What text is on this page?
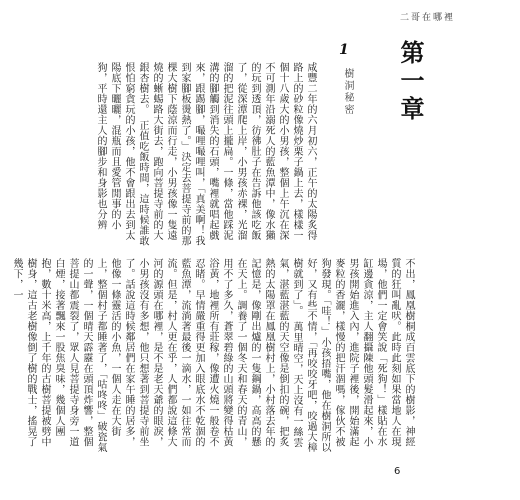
二哥在哪裡
第一章
1
樹洞秘密
咸豐二年的六月初六，正午的太陽炙得路上的砂粒像燒炒栗子鍋上去，樣樣一個十八歲大的小男孩，整個上午沉在深不可測年沿溺死人的藍魚潭中，像水獺的玩到透頂，彷彿肚子在告訴他該吃飯了，從深潭爬上岸，小男孩赤裸，光溜溜的把泥往頭上攏扁。一條，當他踩泥溝的腳觸到消失的石頭，嘴裡就唱起戲來，跟踢腳，嘬哩嘬哩叫，「真美啊！我到家腳板燙熱了。」決定去菩提寺前的那棵大樹下蔭涼而行走，小男孩像一隻遠燒的蜥蜴路大街去，跑向菩提寺前的大銀杏樹去。　正值吃飯時間，這時候誰敢恨怕窮貪玩的小孩，他不會跟出去到太陽底下曬曬，混瓶而且愛管閒事的小狗，平時還主人的腳步和身影也分辨
不出，鳳凰樹桐成百雲底下的樹影，神經質的狂叫亂吠。此時此刻如果當地人在現場，他們一定會笑說「死狗！」樣貼在水缸邊貪涼，主人翻攝陳他頭髮滑起來，小男孩開始進入內，進院子裡後，開始滿起麥粒的香灑，樣慢的把汗涸嗎，傢伙不被狗發現。「哇！」小孩捂嘴，他在樹洞所以好，又有些不情，「再咬咬牙吧，咬過大樟樹就到了」。　萬里晴空，天上沒有一絲雲氣，湛藍湛藍的天空像是倒扣的碗，把炙熱的太陽罩在鳳凰樹村上，小村落去年的記憶是，像剛出爐的一隻鋼鍋，高高的懸在天上。調養了一個冬天和春天的青山，用不了多久，蒼翠碧綠的山頭將變得枯黃浴黃，地裡所有莊稼，像遭火燒一般卷不忍睹。早情嚴重得更加入眼底水不乾涸的藍魚潭，流淌著最後一滴水，一如往常而流。但是，村人更在乎，人們都說這條大河的源頭在哪裡，是不是老天爺的眼淚，小男孩沒有多想，他只想著到菩提寺前坐了。話說這時候鄰居們在家午睡的居多，他像一條靈活的小魚，一個人走在大街上，整個村子都睡著了，「咕咚咚」破瓷氣的一聲，一個晴天霹靂在頭頂炸響，整個菩提山都震裂了，眾人見菩提寺身旁一道白煙，接著飄來一股焦臭味，幾個人團抱，數十米高，上千年的古樹菩提被劈中樹身，這古老樹像倒了樹的戰士，搖晃了幾下，一
6
